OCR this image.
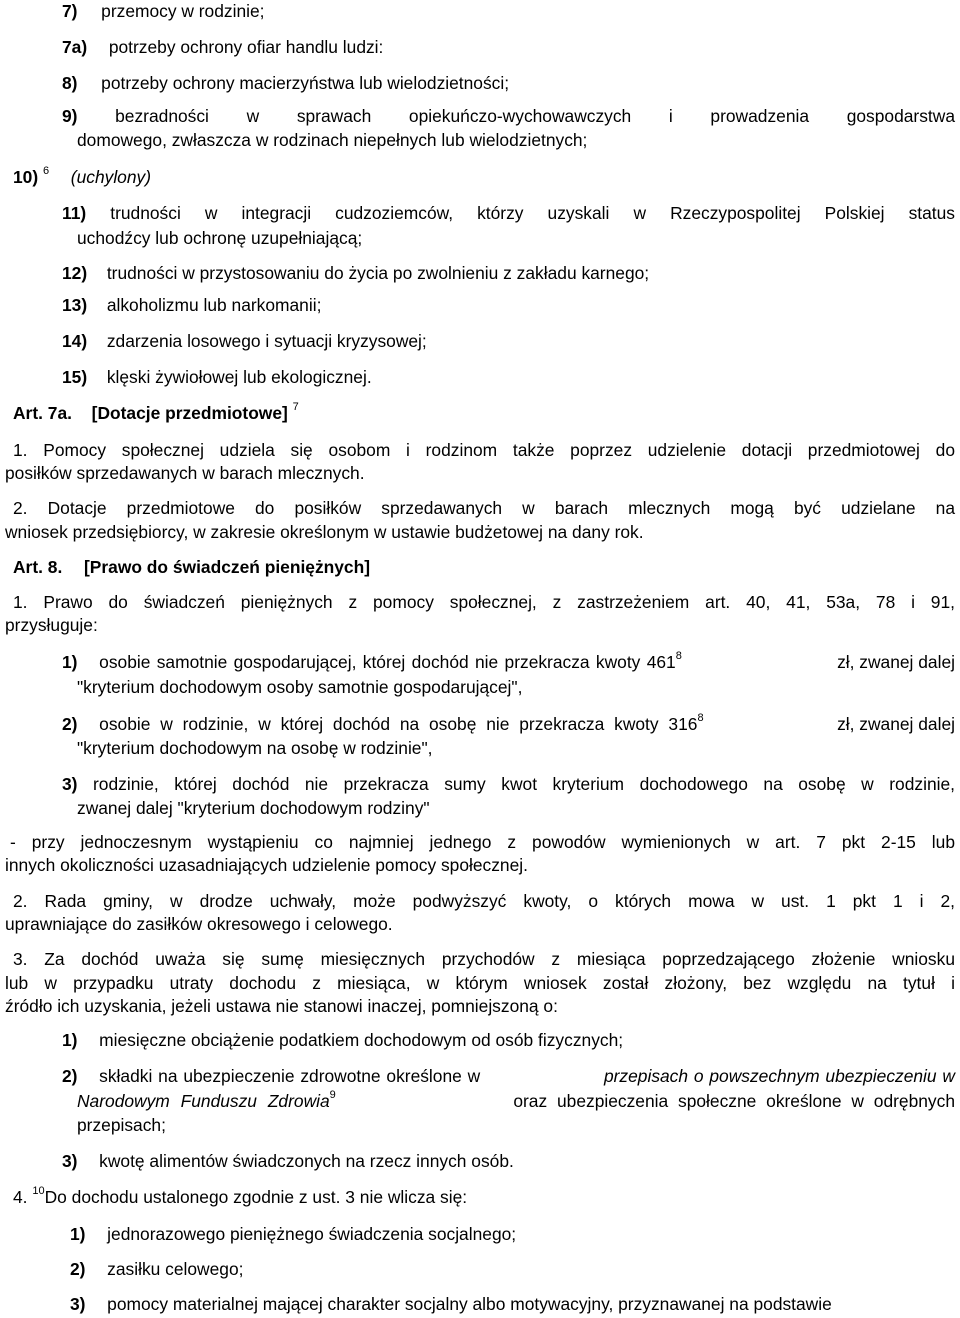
7) przemocy w rodzinie;
7a) potrzeby ochrony ofiar handlu ludzi:
8) potrzeby ochrony macierzyństwa lub wielodzietności;
9) bezradności w sprawach opiekuńczo-wychowawczych i prowadzenia gospodarstwa
domowego, zwłaszcza w rodzinach niepełnych lub wielodzietnych;
10) $^6$ (uchylony)
11) trudności w integracji cudzoziemców, którzy uzyskali w Rzeczypospolitej Polskiej status
uchodźcy lub ochronę uzupełniającą;
12) trudności w przystosowaniu do życia po zwolnieniu z zakładu karnego;
13) alkoholizmu lub narkomanii;
14) zdarzenia losowego i sytuacji kryzysowej;
15) klęski żywiołowej lub ekologicznej.
Art. 7a. [Dotacje przedmiotowe] $^7$
1. Pomocy społecznej udziela się osobom i rodzinom także poprzez udzielenie dotacji przedmiotowej do
posiłków sprzedawanych w barach mlecznych.
2. Dotacje przedmiotowe do posiłków sprzedawanych w barach mlecznych mogą być udzielane na
wniosek przedsiębiorcy, w zakresie określonym w ustawie budżetowej na dany rok.
Art. 8. [Prawo do świadczeń pieniężnych]
1. Prawo do świadczeń pieniężnych z pomocy społecznej, z zastrzeżeniem art. 40, 41, 53a, 78 i 91,
przysługuje:
1) osobie samotnie gospodarującej, której dochód nie przekracza kwoty $461^8$	zł, zwanej dalej
"kryterium dochodowym osoby samotnie gospodarującej",
2) osobie w rodzinie, w której dochód na osobę nie przekracza kwoty $316^8$	zł, zwanej dalej
"kryterium dochodowym na osobę w rodzinie",
3) rodzinie, której dochód nie przekracza sumy kwot kryterium dochodowego na osobę w rodzinie,
zwanej dalej "kryterium dochodowym rodziny"
- przy jednoczesnym wystąpieniu co najmniej jednego z powodów wymienionych w art. 7 pkt 2-15 lub
innych okoliczności uzasadniających udzielenie pomocy społecznej.
2. Rada gminy, w drodze uchwały, może podwyższyć kwoty, o których mowa w ust. 1 pkt 1 i 2,
uprawniające do zasiłków okresowego i celowego.
3. Za dochód uważa się sumę miesięcznych przychodów z miesiąca poprzedzającego złożenie wniosku
lub w przypadku utraty dochodu z miesiąca, w którym wniosek został złożony, bez względu na tytuł i
źródło ich uzyskania, jeżeli ustawa nie stanowi inaczej, pomniejszoną o:
1) miesięczne obciążenie podatkiem dochodowym od osób fizycznych;
2) składki na ubezpieczenie zdrowotne określone w	przepisach o powszechnym ubezpieczeniu w
Narodowym Funduszu Zdrowia$^9$	oraz ubezpieczenia społeczne określone w odrębnych
przepisach;
3) kwotę alimentów świadczonych na rzecz innych osób.
4. $^{10}$Do dochodu ustalonego zgodnie z ust. 3 nie wlicza się:
1) jednorazowego pieniężnego świadczenia socjalnego;
2) zasiłku celowego;
3) pomocy materialnej mającej charakter socjalny albo motywacyjny, przyznawanej na podstawie
